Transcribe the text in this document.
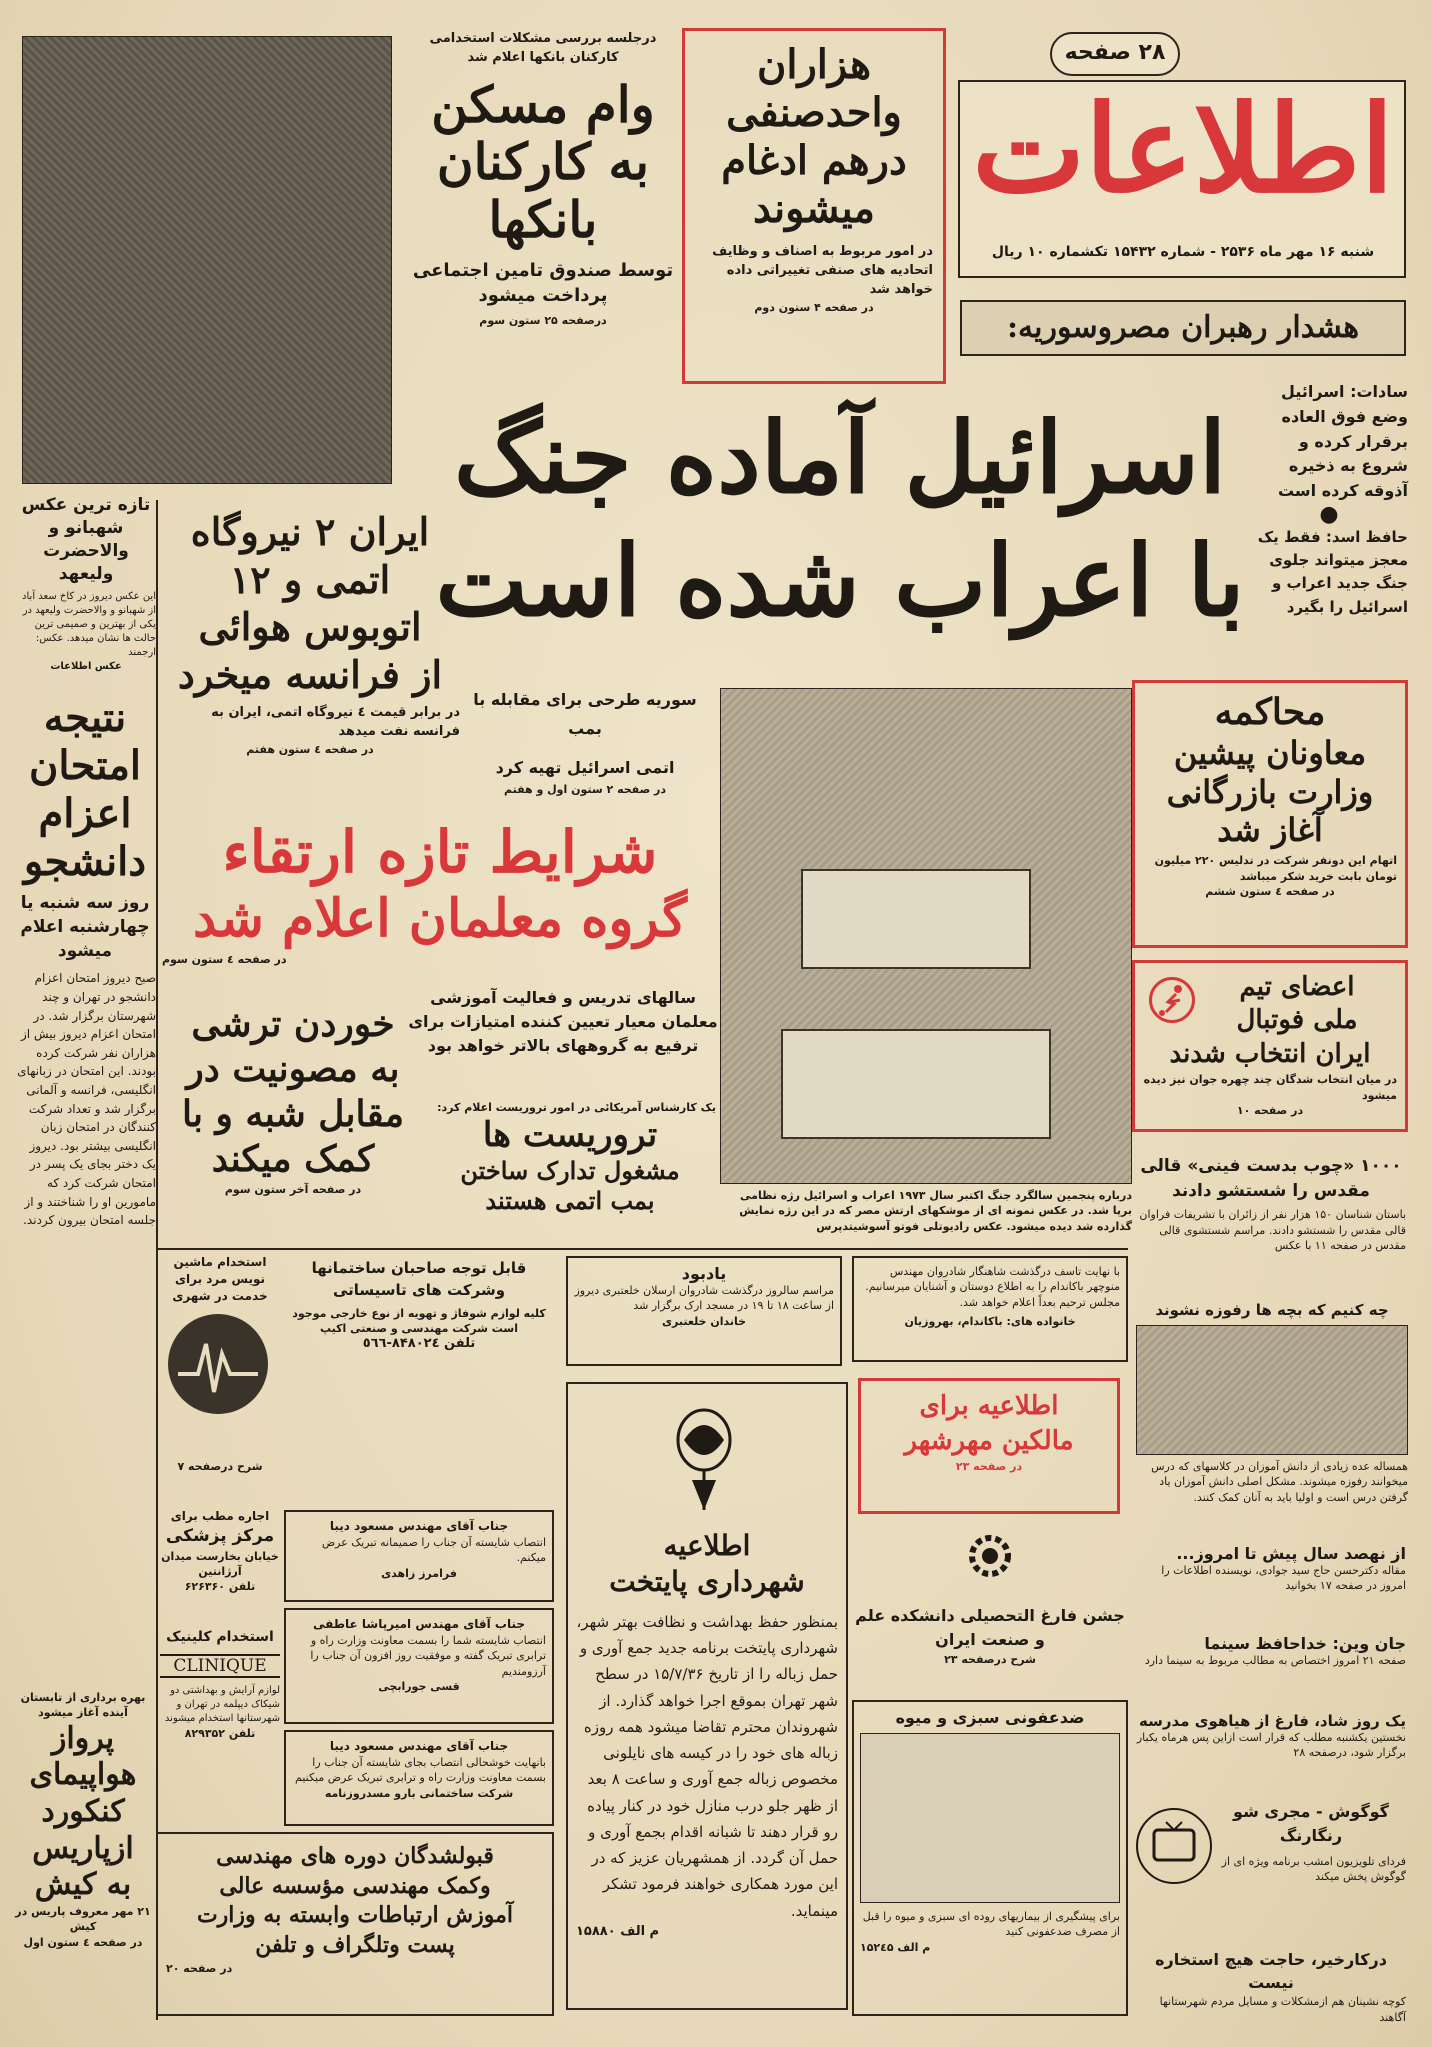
اطلاعات
شنبه ۱۶ مهر ماه ۲۵۳۶ - شماره ۱۵۴۳۲ تکشماره ۱۰ ریال
۲۸ صفحه
درجلسه بررسی مشکلات استخدامی کارکنان بانکها اعلام شد
وام مسکن
به کارکنان
بانکها
توسط صندوق تامین اجتماعی پرداخت میشود
درصفحه ۲۵ ستون سوم
هزاران
واحدصنفی
درهم ادغام
میشوند
در امور مربوط به اصناف و وظایف اتحادیه های صنفی تغییراتی داده خواهد شد
در صفحه ۴ ستون دوم
تازه ترین عکس شهبانو و والاحضرت ولیعهد
این عکس دیروز در کاخ سعد آباد از شهبانو و والاحضرت ولیعهد در یکی از بهترین و صمیمی ترین حالت ها نشان میدهد. عکس: ارجمند
عکس اطلاعات
هشدار رهبران مصروسوریه:
اسرائیل آماده جنگ
با اعراب شده است
سادات: اسرائیل وضع فوق العاده برقرار کرده و شروع به ذخیره آذوقه کرده است
●
حافظ اسد: فقط یک معجز میتواند جلوی جنگ جدید اعراب و اسرائیل را بگیرد
ایران ۲ نیروگاه
اتمی و ۱۲
اتوبوس هوائی
از فرانسه میخرد
در برابر قیمت ٤ نیروگاه اتمی، ایران به فرانسه نفت میدهد
در صفحه ٤ ستون هفتم
سوریه طرحی برای مقابله با بمب
اتمی اسرائیل تهیه کرد
در صفحه ۲ ستون اول و هفتم
درباره پنجمین سالگرد جنگ اکتبر سال ۱۹۷۳ اعراب و اسرائیل رژه نظامی برپا شد. در عکس نمونه ای از موشکهای ارتش مصر که در این رژه نمایش گذارده شد دیده میشود. عکس رادیوتلی فوتو آسوشیتدپرس
محاکمه
معاونان پیشین
وزارت بازرگانی
آغاز شد
اتهام این دونفر شرکت در تدلیس ۲۲۰ میلیون تومان بابت خرید شکر میباشد
در صفحه ٤ ستون ششم
نتیجه
امتحان
اعزام
دانشجو
روز سه شنبه یا چهارشنبه اعلام میشود
صبح دیروز امتحان اعزام دانشجو در تهران و چند شهرستان برگزار شد. در امتحان اعزام دیروز بیش از هزاران نفر شرکت کرده بودند. این امتحان در زبانهای انگلیسی، فرانسه و آلمانی برگزار شد و تعداد شرکت کنندگان در امتحان زبان انگلیسی بیشتر بود. دیروز یک دختر بجای یک پسر در امتحان شرکت کرد که مامورین او را شناختند و از جلسه امتحان بیرون کردند.
شرایط تازه ارتقاء
گروه معلمان اعلام شد
در صفحه ٤ ستون سوم
سالهای تدریس و فعالیت آموزشی معلمان معیار تعیین کننده امتیازات برای ترفیع به گروههای بالاتر خواهد بود
خوردن ترشی
به مصونیت در
مقابل شبه و با
کمک میکند
در صفحه آخر ستون سوم
یک کارشناس آمریکائی در امور تروریست اعلام کرد:
تروریست ها
مشغول تدارک ساختن
بمب اتمی هستند
اعضای تیم
ملی فوتبال
ایران انتخاب شدند
در میان انتخاب شدگان چند چهره جوان نیز دیده میشود
در صفحه ۱۰
۱۰۰۰ «چوب بدست فینی» قالی مقدس را شستشو دادند
باستان شناسان ۱۵۰ هزار نفر از زائران با تشریفات فراوان قالی مقدس را شستشو دادند. مراسم شستشوی قالی مقدس در صفحه ۱۱ با عکس
چه کنیم که بچه ها رفوزه نشوند
همساله عده زیادی از دانش آموزان در کلاسهای که درس میخوانند رفوزه میشوند. مشکل اصلی دانش آموزان یاد گرفتن درس است و اولیا باید به آنان کمک کنند.
استخدام ماشین نویس مرد برای خدمت در شهری
شرح درصفحه ۷
قابل توجه صاحبان ساختمانها وشرکت های تاسیساتی
کلیه لوازم شوفاژ و تهویه از نوع خارجی موجود است شرکت مهندسی و صنعتی اکیپ
تلفن ۸۴۸۰۲٤-٥٦٦
یادبود
مراسم سالروز درگذشت شادروان ارسلان خلعتبری دیروز از ساعت ۱۸ تا ۱۹ در مسجد ارک برگزار شد
خاندان خلعتبری
با نهایت تاسف درگذشت شاهنگار شادروان مهندس منوچهر باکاندام را به اطلاع دوستان و آشنایان میرسانیم. مجلس ترحیم بعداً اعلام خواهد شد.
خانواده های: باکاندام، بهروزیان
اطلاعیه برای
مالکین مهرشهر
در صفحه ۲۳
اطلاعیه
شهرداری پایتخت
بمنظور حفظ بهداشت و نظافت بهتر شهر، شهرداری پایتخت برنامه جدید جمع آوری و حمل زباله را از تاریخ ۱۵/۷/۳۶ در سطح شهر تهران بموقع اجرا خواهد گذارد. از شهروندان محترم تقاضا میشود همه روزه زباله های خود را در کیسه های نایلونی مخصوص زباله جمع آوری و ساعت ۸ بعد از ظهر جلو درب منازل خود در کنار پیاده رو قرار دهند تا شبانه اقدام بجمع آوری و حمل آن گردد. از همشهریان عزیز که در این مورد همکاری خواهند فرمود تشکر مینماید.
م الف ۱۵۸۸۰
جناب آقای مهندس مسعود دیبا
انتصاب شایسته آن جناب را صمیمانه تبریک عرض میکنم.
فرامرز زاهدی
جناب آقای مهندس امیرپاشا عاطفی
انتصاب شایسته شما را بسمت معاونت وزارت راه و ترابری تبریک گفته و موفقیت روز افزون آن جناب را آرزومندیم
قسی جورابچی
جناب آقای مهندس مسعود دیبا
بانهایت خوشحالی انتصاب بجای شایسته آن جناب را بسمت معاونت وزارت راه و ترابری تبریک عرض میکنیم
شرکت ساختمانی بارو مسدروزنامه
اجاره مطب برای
مرکز پزشکی
خیابان بخارست میدان آرژانتین
تلفن ۶۲۶۳۶۰
استخدام کلینیک
CLINIQUE
لوازم آرایش و بهداشتی دو شیکاک دیپلمه در تهران و شهرستانها استخدام میشوند
تلفن ۸۲۹۳۵۲
جشن فارغ التحصیلی دانشکده علم و صنعت ایران
شرح درصفحه ۲۳
ضدعفونی سبزی و میوه
برای پیشگیری از بیماریهای روده ای سبزی و میوه را قبل از مصرف ضدعفونی کنید
م الف ۱۵۲٤۵
قبولشدگان دوره های مهندسی
وکمک مهندسی مؤسسه عالی
آموزش ارتباطات وابسته به وزارت
پست وتلگراف و تلفن
در صفحه ۲۰
بهره برداری از تابستان آینده آغاز میشود
پرواز
هواپیمای
کنکورد
ازپاریس
به کیش
۲۱ مهر معروف پاریس در کیش
در صفحه ٤ ستون اول
از نهصد سال پیش تا امروز...
مقاله دکترحسن حاج سید جوادی، نویسنده اطلاعات را امروز در صفحه ۱۷ بخوانید
جان وین: خداحافظ سینما
صفحه ۲۱ امروز اختصاص به مطالب مربوط به سینما دارد
یک روز شاد، فارغ از هیاهوی مدرسه
نخستین یکشنبه مطلب که قرار است ازاین پس هرماه یکبار برگزار شود، درصفحه ۲۸
گوگوش - مجری شو رنگارنگ
فردای تلویزیون امشب برنامه ویژه ای از گوگوش پخش میکند
درکارخیر، حاجت هیچ استخاره نیست
کوچه نشینان هم ازمشکلات و مسایل مردم شهرستانها آگاهند
